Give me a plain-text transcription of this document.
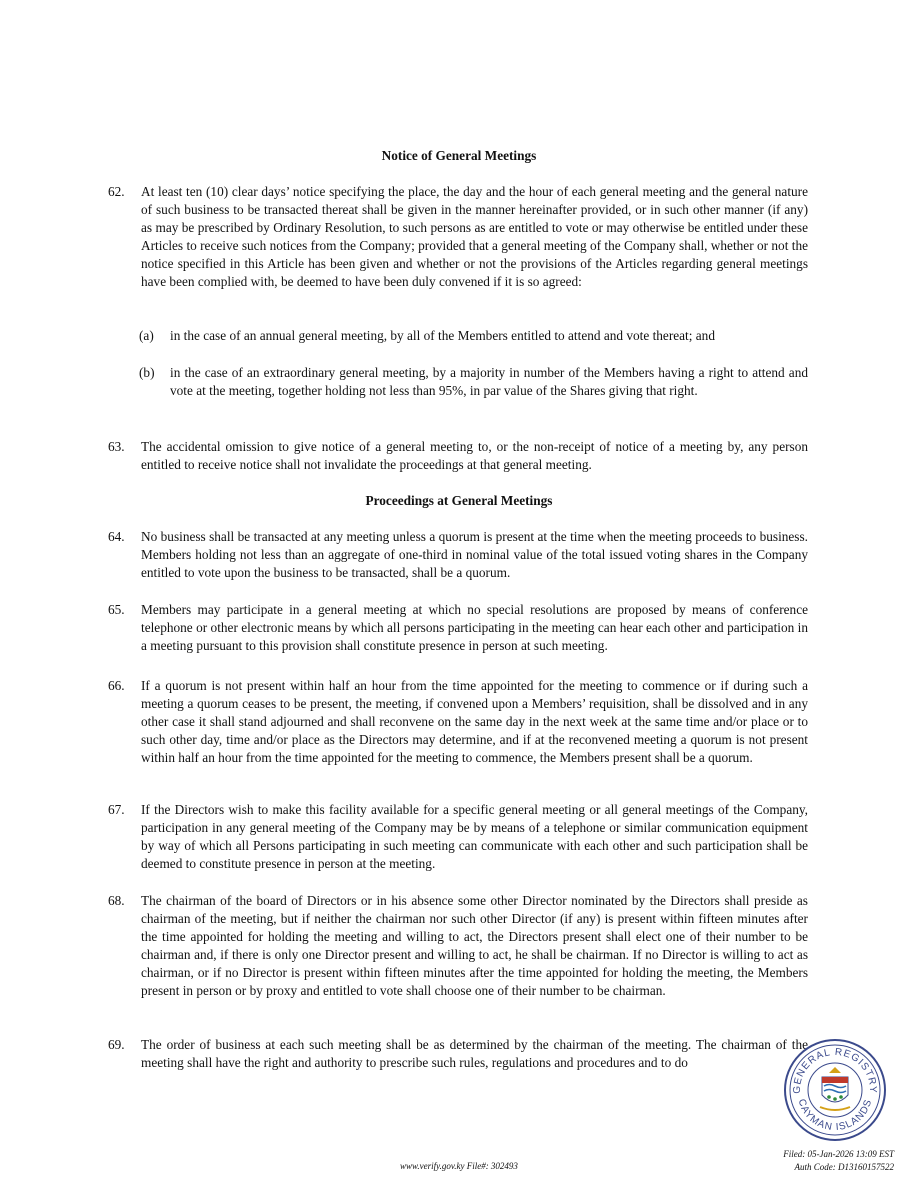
Notice of General Meetings
62.	At least ten (10) clear days’ notice specifying the place, the day and the hour of each general meeting and the general nature of such business to be transacted thereat shall be given in the manner hereinafter provided, or in such other manner (if any) as may be prescribed by Ordinary Resolution, to such persons as are entitled to vote or may otherwise be entitled under these Articles to receive such notices from the Company; provided that a general meeting of the Company shall, whether or not the notice specified in this Article has been given and whether or not the provisions of the Articles regarding general meetings have been complied with, be deemed to have been duly convened if it is so agreed:
(a)	in the case of an annual general meeting, by all of the Members entitled to attend and vote thereat; and
(b)	in the case of an extraordinary general meeting, by a majority in number of the Members having a right to attend and vote at the meeting, together holding not less than 95%, in par value of the Shares giving that right.
63.	The accidental omission to give notice of a general meeting to, or the non-receipt of notice of a meeting by, any person entitled to receive notice shall not invalidate the proceedings at that general meeting.
Proceedings at General Meetings
64.	No business shall be transacted at any meeting unless a quorum is present at the time when the meeting proceeds to business. Members holding not less than an aggregate of one-third in nominal value of the total issued voting shares in the Company entitled to vote upon the business to be transacted, shall be a quorum.
65.	Members may participate in a general meeting at which no special resolutions are proposed by means of conference telephone or other electronic means by which all persons participating in the meeting can hear each other and participation in a meeting pursuant to this provision shall constitute presence in person at such meeting.
66.	If a quorum is not present within half an hour from the time appointed for the meeting to commence or if during such a meeting a quorum ceases to be present, the meeting, if convened upon a Members’ requisition, shall be dissolved and in any other case it shall stand adjourned and shall reconvene on the same day in the next week at the same time and/or place or to such other day, time and/or place as the Directors may determine, and if at the reconvened meeting a quorum is not present within half an hour from the time appointed for the meeting to commence, the Members present shall be a quorum.
67.	If the Directors wish to make this facility available for a specific general meeting or all general meetings of the Company, participation in any general meeting of the Company may be by means of a telephone or similar communication equipment by way of which all Persons participating in such meeting can communicate with each other and such participation shall be deemed to constitute presence in person at the meeting.
68.	The chairman of the board of Directors or in his absence some other Director nominated by the Directors shall preside as chairman of the meeting, but if neither the chairman nor such other Director (if any) is present within fifteen minutes after the time appointed for holding the meeting and willing to act, the Directors present shall elect one of their number to be chairman and, if there is only one Director present and willing to act, he shall be chairman. If no Director is willing to act as chairman, or if no Director is present within fifteen minutes after the time appointed for holding the meeting, the Members present in person or by proxy and entitled to vote shall choose one of their number to be chairman.
69.	The order of business at each such meeting shall be as determined by the chairman of the meeting. The chairman of the meeting shall have the right and authority to prescribe such rules, regulations and procedures and to do
GENERAL REGISTRY
CAYMAN ISLANDS
www.verify.gov.ky File#: 302493
Filed: 05-Jan-2026 13:09 EST
Auth Code: D13160157522
